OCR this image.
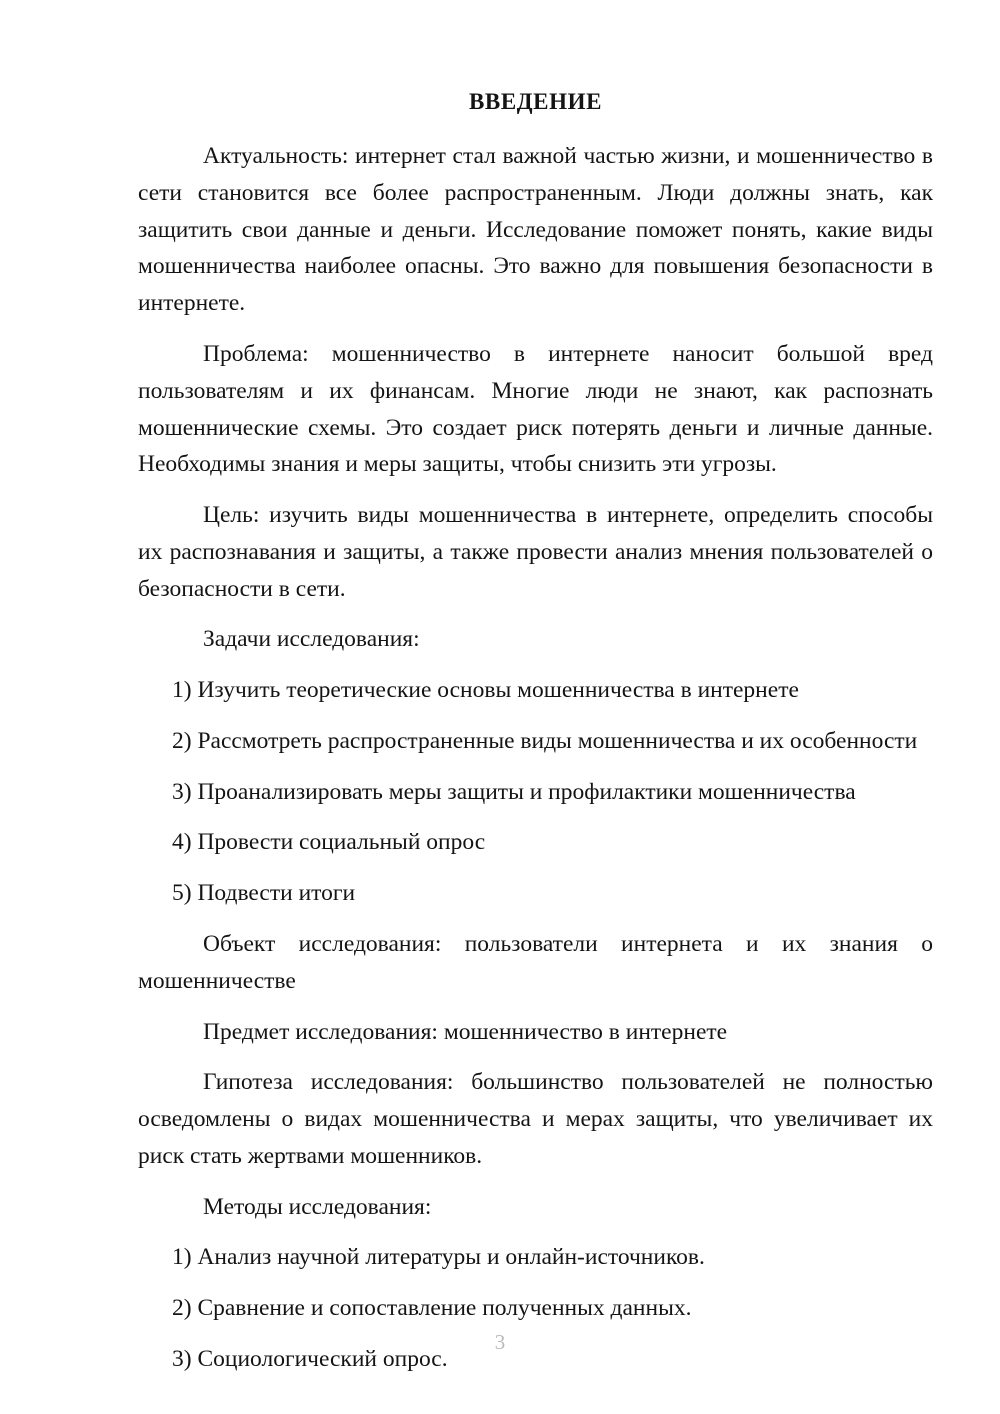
ВВЕДЕНИЕ

Актуальность: интернет стал важной частью жизни, и мошенничество в сети становится все более распространенным. Люди должны знать, как защитить свои данные и деньги. Исследование поможет понять, какие виды мошенничества наиболее опасны. Это важно для повышения безопасности в интернете.

Проблема: мошенничество в интернете наносит большой вред пользователям и их финансам. Многие люди не знают, как распознать мошеннические схемы. Это создает риск потерять деньги и личные данные. Необходимы знания и меры защиты, чтобы снизить эти угрозы.

Цель: изучить виды мошенничества в интернете, определить способы их распознавания и защиты, а также провести анализ мнения пользователей о безопасности в сети.

Задачи исследования:

1) Изучить теоретические основы мошенничества в интернете

2) Рассмотреть распространенные виды мошенничества и их особенности

3) Проанализировать меры защиты и профилактики мошенничества

4) Провести социальный опрос

5) Подвести итоги

Объект исследования: пользователи интернета и их знания о мошенничестве

Предмет исследования: мошенничество в интернете

Гипотеза исследования: большинство пользователей не полностью осведомлены о видах мошенничества и мерах защиты, что увеличивает их риск стать жертвами мошенников.

Методы исследования:

1) Анализ научной литературы и онлайн-источников.

2) Сравнение и сопоставление полученных данных.

3) Социологический опрос.

3
